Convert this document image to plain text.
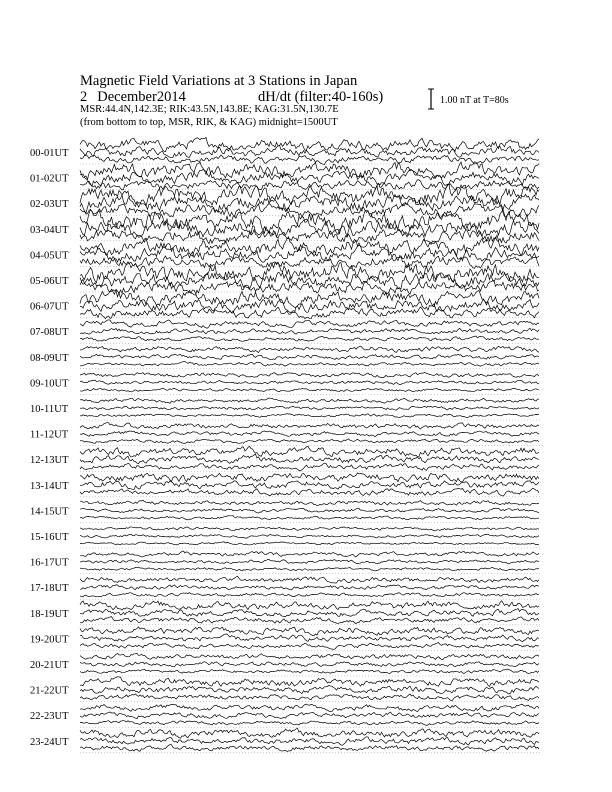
Magnetic Field Variations at 3 Stations in Japan
2 December2014	dH/dt (filter:40-160s)
MSR:44.4N,142.3E; RIK:43.5N,143.8E; KAG:31.5N,130.7E
(from bottom to top, MSR, RIK, & KAG) midnight=1500UT
1.00 nT at T=80s
00-01UT
01-02UT
02-03UT
03-04UT
04-05UT
05-06UT
06-07UT
07-08UT
08-09UT
09-10UT
10-11UT
11-12UT
12-13UT
13-14UT
14-15UT
15-16UT
16-17UT
17-18UT
18-19UT
19-20UT
20-21UT
21-22UT
22-23UT
23-24UT
